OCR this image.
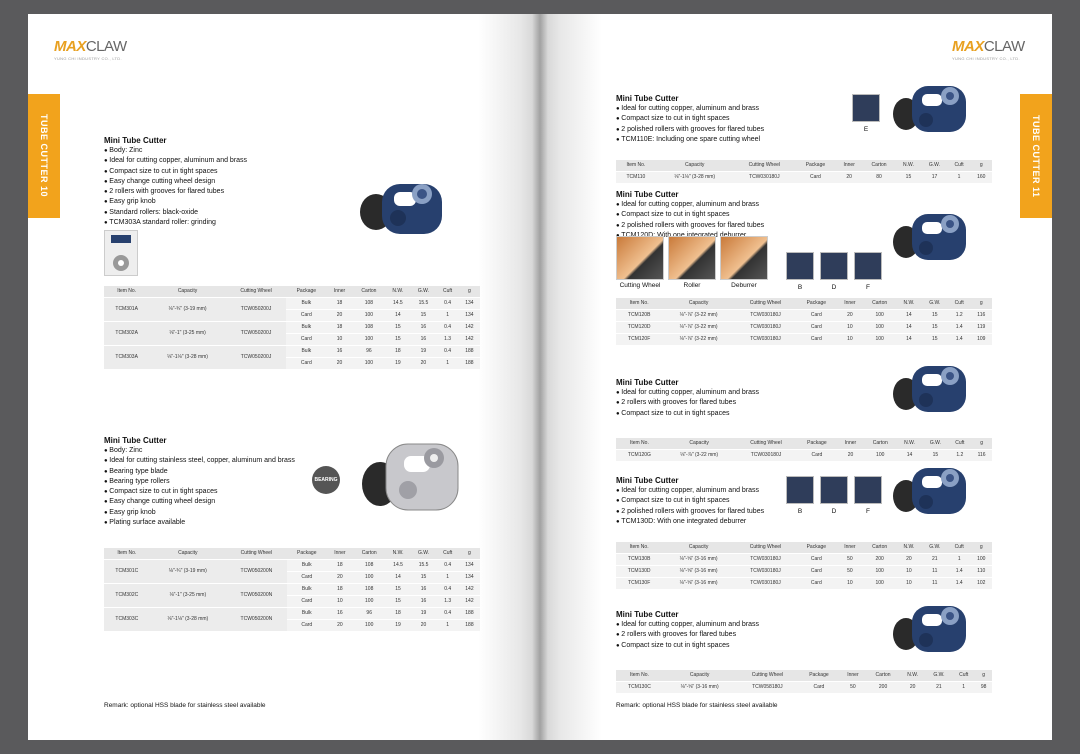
MAXCLAW
YUNG CHI INDUSTRY CO., LTD.
TUBE CUTTER 10	Mini Tube Cutter
● Body: Zinc
● Ideal for cutting copper, aluminum and brass
● Compact size to cut in tight spaces
● Easy change cutting wheel design
● 2 rollers with grooves for flared tubes
● Easy grip knob
● Standard rollers: black-oxide
● TCM303A standard roller: grinding
Item No.	Capacity	Cutting Wheel	Package	Inner	Carton	N.W.	G.W.	Cuft	g
TCM301A	⅛"-¾" (3-19 mm)	TCW050200J	Bulk	18	108	14.5	15.5	0.4	134
			Card	20	100	14	15	1	134
TCM302A	⅛"-1" (3-25 mm)	TCW050200J	Bulk	18	108	15	16	0.4	142
			Card	10	100	15	16	1.3	142
TCM303A	⅛"-1⅛" (3-28 mm)	TCW050200J	Bulk	16	96	18	19	0.4	188
			Card	20	100	19	20	1	188
Mini Tube Cutter
● Body: Zinc
● Ideal for cutting stainless steel, copper, aluminum and brass
● Bearing type blade
● Bearing type rollers
● Compact size to cut in tight spaces
● Easy change cutting wheel design
● Easy grip knob
● Plating surface available
BEARING
Item No.	Capacity	Cutting Wheel	Package	Inner	Carton	N.W.	G.W.	Cuft	g
TCM301C	⅛"-¾" (3-19 mm)	TCW050200N	Bulk	18	108	14.5	15.5	0.4	134
			Card	20	100	14	15	1	134
TCM302C	⅛"-1" (3-25 mm)	TCW050200N	Bulk	18	108	15	16	0.4	142
			Card	10	100	15	16	1.3	142
TCM303C	⅛"-1⅛" (3-28 mm)	TCW050200N	Bulk	16	96	18	19	0.4	188
			Card	20	100	19	20	1	188
Remark: optional HSS blade for stainless steel available
MAXCLAW
YUNG CHI INDUSTRY CO., LTD.
TUBE CUTTER 11
Mini Tube Cutter
● Ideal for cutting copper, aluminum and brass
● Compact size to cut in tight spaces
● 2 polished rollers with grooves for flared tubes
● TCM110E: Including one spare cutting wheel
E
Item No.	Capacity	Cutting Wheel	Package	Inner	Carton	N.W.	G.W.	Cuft	g
TCM110	⅛"-1⅛" (3-28 mm)	TCW030180J	Card	20	80	15	17	1	160
Mini Tube Cutter
● Ideal for cutting copper, aluminum and brass
● Compact size to cut in tight spaces
● 2 polished rollers with grooves for flared tubes
● With
B	D	F
Cutting Wheel	Roller	Deburrer
Item No.	Capacity	Cutting Wheel	Package	Inner	Carton	N.W.	G.W.	Cuft	g
TCM120B	⅛"-⅞" (3-22 mm)	TCW030180J	Card	20	100	14	15	1.2	116
TCM120D	⅛"-⅞" (3-22 mm)	TCW030180J	Card	10	100	14	15	1.4	119
TCM120F	⅛"-⅞" (3-22 mm)	TCW030180J	Card	10	100	14	15	1.4	109
Mini Tube Cutter
● Ideal for cutting copper, aluminum and brass
● 2 rollers with grooves for flared tubes
● Compact size to cut in tight spaces
Item No.	Capacity	Cutting Wheel	Package	Inner	Carton	N.W.	G.W.	Cuft	g
TCM120G	⅛"-⅞" (3-22 mm)	TCW030180J	Card	20	100	14	15	1.2	116
Mini Tube Cutter
● Ideal for cutting copper, aluminum and brass
● Compact size to cut in tight spaces
● 2 polished rollers with grooves for flared tubes
● TCM130D: With one integrated deburrer
B	D	F
Item No.	Capacity	Cutting Wheel	Package	Inner	Carton	N.W.	G.W.	Cuft	g
TCM130B	⅛"-⅝" (3-16 mm)	TCW030180J	Card	50	200	20	21	1	100
TCM130D	⅛"-⅝" (3-16 mm)	TCW030180J	Card	50	100	10	11	1.4	110
TCM130F	⅛"-⅝" (3-16 mm)	TCW030180J	Card	10	100	10	11	1.4	102
Mini Tube Cutter
● Ideal for cutting copper, aluminum and brass
● 2 rollers with grooves for flared tubes
● Compact size to cut in tight spaces
Item No.	Capacity	Cutting Wheel	Package	Inner	Carton	N.W.	G.W.	Cuft	g
TCM130C	⅛"-⅝" (3-16 mm)	TCW058180J	Card	50	200	20	21	1	98
Remark: optional HSS blade for stainless steel available
